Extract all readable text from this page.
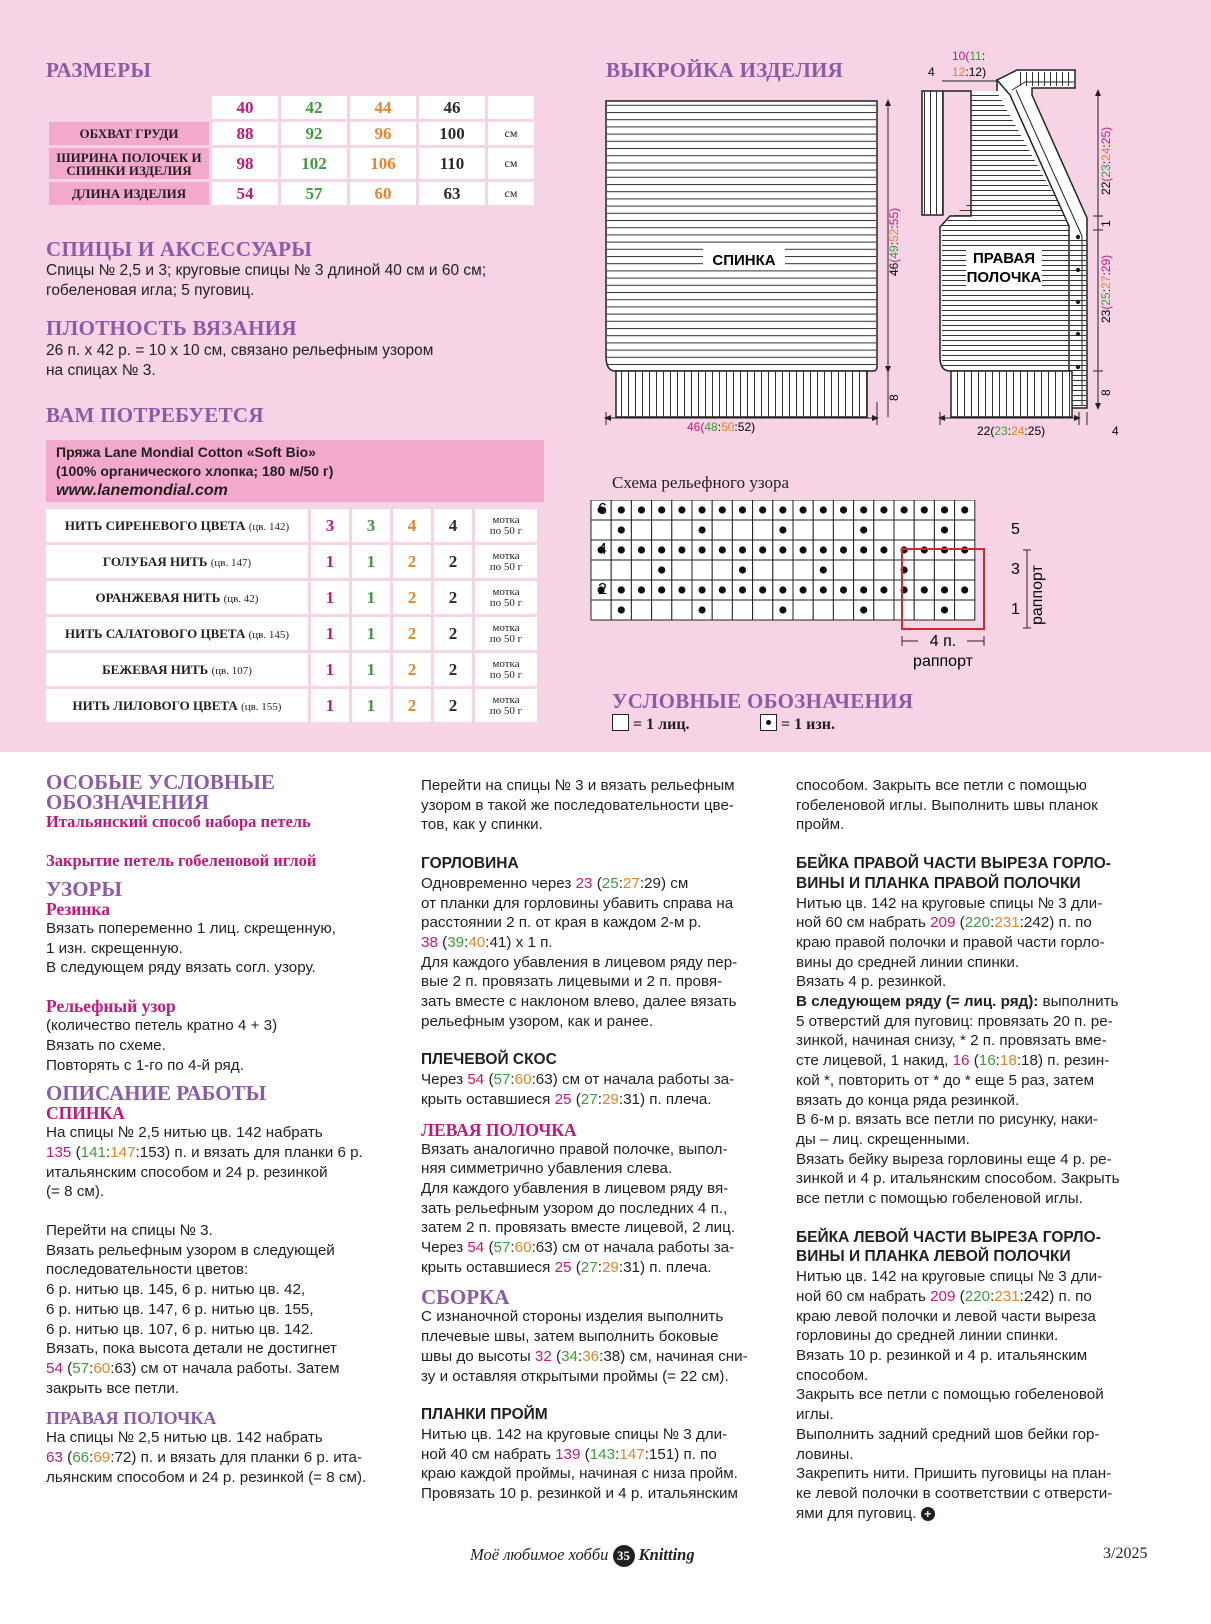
РАЗМЕРЫ
	40	42	44	46	
ОБХВАТ ГРУДИ	88	92	96	100	см
ШИРИНА ПОЛОЧЕК И СПИНКИ ИЗДЕЛИЯ	98	102	106	110	см
ДЛИНА ИЗДЕЛИЯ	54	57	60	63	см
СПИЦЫ И АКСЕССУАРЫ
Спицы № 2,5 и 3; круговые спицы № 3 длиной 40 см и 60 см;
гобеленовая игла; 5 пуговиц.
ПЛОТНОСТЬ ВЯЗАНИЯ
26 п. х 42 р. = 10 х 10 см, связано рельефным узором
на спицах № 3.
ВАМ ПОТРЕБУЕТСЯ
Пряжа Lane Mondial Cotton «Soft Bio»
(100% органического хлопка; 180 м/50 г)
www.lanemondial.com
НИТЬ СИРЕНЕВОГО ЦВЕТА (цв. 142)	3	3	4	4	мотка
по 50 г
ГОЛУБАЯ НИТЬ (цв. 147)	1	1	2	2	мотка
по 50 г
ОРАНЖЕВАЯ НИТЬ (цв. 42)	1	1	2	2	мотка
по 50 г
НИТЬ САЛАТОВОГО ЦВЕТА (цв. 145)	1	1	2	2	мотка
по 50 г
БЕЖЕВАЯ НИТЬ (цв. 107)	1	1	2	2	мотка
по 50 г
НИТЬ ЛИЛОВОГО ЦВЕТА (цв. 155)	1	1	2	2	мотка
по 50 г
ВЫКРОЙКА ИЗДЕЛИЯ
СПИНКА
46(49:52:55)
8
46(48:50:52)
ПРАВАЯ
ПОЛОЧКА
10(11:
12:12)
4
22(23:24:25)
1
23(25:27:29)
8
22(23:24:25)	4
Схема рельефного узора
6
4
2
5
3
1 раппорт
4 п.
раппорт
УСЛОВНЫЕ ОБОЗНАЧЕНИЯ
= 1 лиц.	= 1 изн.
ОСОБЫЕ УСЛОВНЫЕ ОБОЗНАЧЕНИЯ
Итальянский способ набора петель
Закрытие петель гобеленовой иглой
УЗОРЫ
Резинка

Вязать попеременно 1 лиц. скрещенную,

1 изн. скрещенную.

В следующем ряду вязать согл. узору.

Рельефный узор

(количество петель кратно 4 + 3)

Вязать по схеме.

Повторять с 1-го по 4-й ряд.

ОПИСАНИЕ РАБОТЫ
СПИНКА

На спицы № 2,5 нитью цв. 142 набрать

135 (141:147:153) п. и вязать для планки 6 р.

итальянским способом и 24 р. резинкой

(= 8 см).

Перейти на спицы № 3.

Вязать рельефным узором в следующей

последовательности цветов:

6 р. нитью цв. 145, 6 р. нитью цв. 42,

6 р. нитью цв. 147, 6 р. нитью цв. 155,

6 р. нитью цв. 107, 6 р. нитью цв. 142.

Вязать, пока высота детали не достигнет

54 (57:60:63) см от начала работы. Затем

закрыть все петли.

ПРАВАЯ ПОЛОЧКА

На спицы № 2,5 нитью цв. 142 набрать

63 (66:69:72) п. и вязать для планки 6 р. ита-

льянским способом и 24 р. резинкой (= 8 см).

Перейти на спицы № 3 и вязать рельефным

узором в такой же последовательности цве-

тов, как у спинки.

ГОРЛОВИНА

Одновременно через 23 (25:27:29) см

от планки для горловины убавить справа на

расстоянии 2 п. от края в каждом 2-м р.

38 (39:40:41) х 1 п.

Для каждого убавления в лицевом ряду пер-

вые 2 п. провязать лицевыми и 2 п. провя-

зать вместе с наклоном влево, далее вязать

рельефным узором, как и ранее.

ПЛЕЧЕВОЙ СКОС

Через 54 (57:60:63) см от начала работы за-

крыть оставшиеся 25 (27:29:31) п. плеча.

ЛЕВАЯ ПОЛОЧКА

Вязать аналогично правой полочке, выпол-

няя симметрично убавления слева.

Для каждого убавления в лицевом ряду вя-

зать рельефным узором до последних 4 п.,

затем 2 п. провязать вместе лицевой, 2 лиц.

Через 54 (57:60:63) см от начала работы за-

крыть оставшиеся 25 (27:29:31) п. плеча.

СБОРКА

С изнаночной стороны изделия выполнить

плечевые швы, затем выполнить боковые

швы до высоты 32 (34:36:38) см, начиная сни-

зу и оставляя открытыми проймы (= 22 см).

ПЛАНКИ ПРОЙМ

Нитью цв. 142 на круговые спицы № 3 дли-

ной 40 см набрать 139 (143:147:151) п. по

краю каждой проймы, начиная с низа пройм.

Провязать 10 р. резинкой и 4 р. итальянским

способом. Закрыть все петли с помощью

гобеленовой иглы. Выполнить швы планок

пройм.

БЕЙКА ПРАВОЙ ЧАСТИ ВЫРЕЗА ГОРЛО-
ВИНЫ И ПЛАНКА ПРАВОЙ ПОЛОЧКИ

Нитью цв. 142 на круговые спицы № 3 дли-

ной 60 см набрать 209 (220:231:242) п. по

краю правой полочки и правой части горло-

вины до средней линии спинки.

Вязать 4 р. резинкой.

В следующем ряду (= лиц. ряд): выполнить

5 отверстий для пуговиц: провязать 20 п. ре-

зинкой, начиная снизу, * 2 п. провязать вме-

сте лицевой, 1 накид, 16 (16:18:18) п. резин-

кой *, повторить от * до * еще 5 раз, затем

вязать до конца ряда резинкой.

В 6-м р. вязать все петли по рисунку, наки-

ды – лиц. скрещенными.

Вязать бейку выреза горловины еще 4 р. ре-

зинкой и 4 р. итальянским способом. Закрыть

все петли с помощью гобеленовой иглы.

БЕЙКА ЛЕВОЙ ЧАСТИ ВЫРЕЗА ГОРЛО-
ВИНЫ И ПЛАНКА ЛЕВОЙ ПОЛОЧКИ

Нитью цв. 142 на круговые спицы № 3 дли-

ной 60 см набрать 209 (220:231:242) п. по

краю левой полочки и левой части выреза

горловины до средней линии спинки.

Вязать 10 р. резинкой и 4 р. итальянским

способом.

Закрыть все петли с помощью гобеленовой

иглы.

Выполнить задний средний шов бейки гор-

ловины.

Закрепить нити. Пришить пуговицы на план-

ке левой полочки в соответствии с отверсти-

ями для пуговиц. +

Моё любимое хобби 35 Knitting	3/2025
